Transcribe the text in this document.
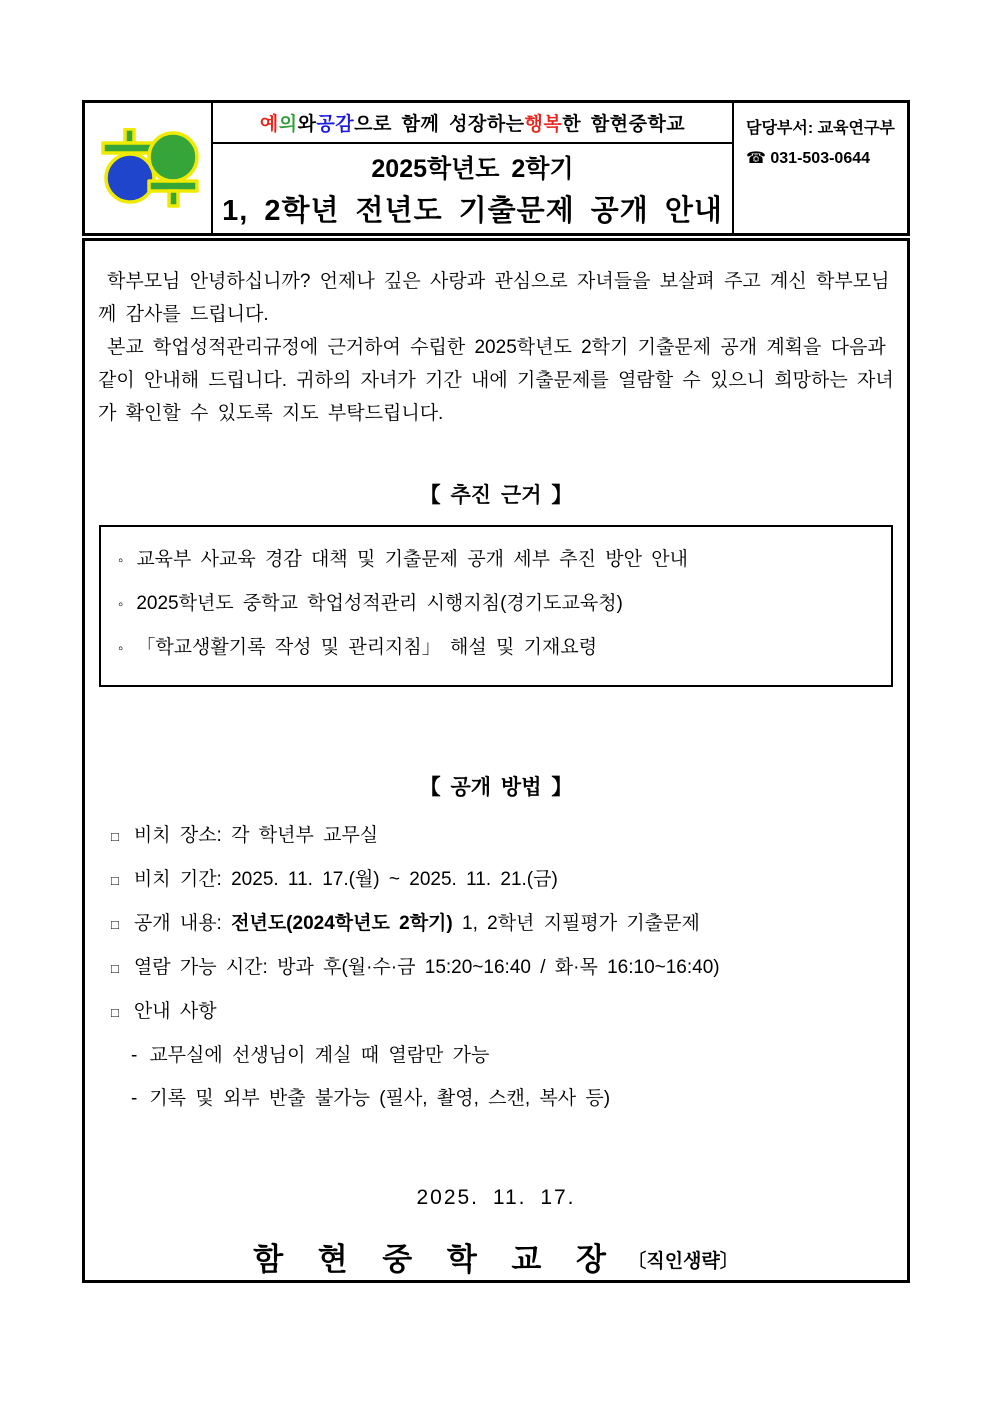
예 의 와 공감 으로 함께 성장하는 행복 한 함현중학교
2025학년도 2학기
1, 2학년 전년도 기출문제 공개 안내
담당부서: 교육연구부
☎ 031-503-0644

학부모님 안녕하십니까? 언제나 깊은 사랑과 관심으로 자녀들을 보살펴 주고 계신 학부모님께 감사를 드립니다.

본교 학업성적관리규정에 근거하여 수립한 2025학년도 2학기 기출문제 공개 계획을 다음과 같이 안내해 드립니다. 귀하의 자녀가 기간 내에 기출문제를 열람할 수 있으니 희망하는 자녀가 확인할 수 있도록 지도 부탁드립니다.

【 추진 근거 】
◦ 교육부 사교육 경감 대책 및 기출문제 공개 세부 추진 방안 안내
◦ 2025학년도 중학교 학업성적관리 시행지침(경기도교육청)
◦ 「학교생활기록 작성 및 관리지침」 해설 및 기재요령
【 공개 방법 】
□ 비치 장소: 각 학년부 교무실
□ 비치 기간: 2025. 11. 17.(월) ~ 2025. 11. 21.(금)
□ 공개 내용: 전년도(2024학년도 2학기) 1, 2학년 지필평가 기출문제
□ 열람 가능 시간: 방과 후(월·수·금 15:20~16:40 / 화·목 16:10~16:40)
□ 안내 사항
- 교무실에 선생님이 계실 때 열람만 가능
- 기록 및 외부 반출 불가능 (필사, 촬영, 스캔, 복사 등)
2025. 11. 17.
함 현 중 학 교 장 〔직인생략〕
